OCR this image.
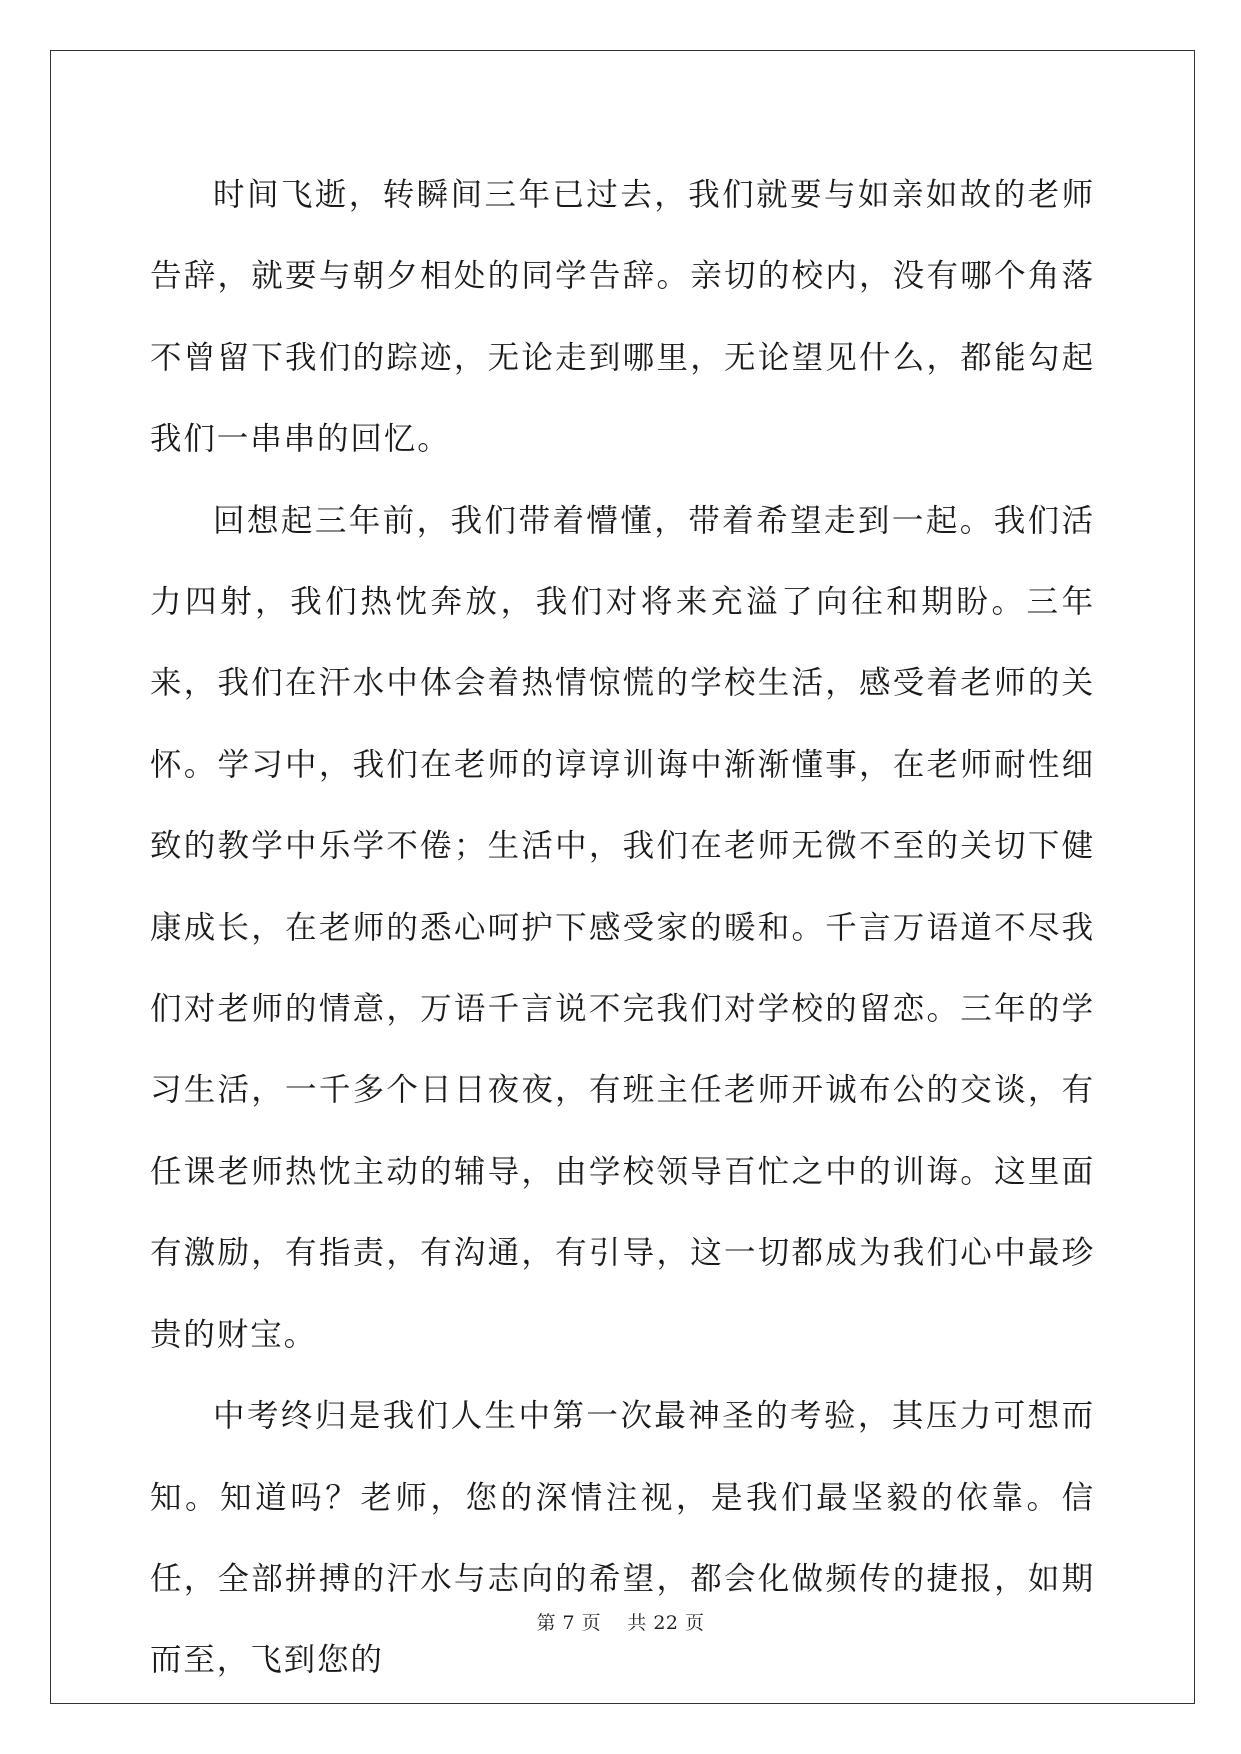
时间飞逝，转瞬间三年已过去，我们就要与如亲如故的老师告辞，就要与朝夕相处的同学告辞。亲切的校内，没有哪个角落不曾留下我们的踪迹，无论走到哪里，无论望见什么，都能勾起我们一串串的回忆。

回想起三年前，我们带着懵懂，带着希望走到一起。我们活力四射，我们热忱奔放，我们对将来充溢了向往和期盼。三年来，我们在汗水中体会着热情惊慌的学校生活，感受着老师的关怀。学习中，我们在老师的谆谆训诲中渐渐懂事，在老师耐性细致的教学中乐学不倦；生活中，我们在老师无微不至的关切下健康成长，在老师的悉心呵护下感受家的暖和。千言万语道不尽我们对老师的情意，万语千言说不完我们对学校的留恋。三年的学习生活，一千多个日日夜夜，有班主任老师开诚布公的交谈，有任课老师热忱主动的辅导，由学校领导百忙之中的训诲。这里面有激励，有指责，有沟通，有引导，这一切都成为我们心中最珍贵的财宝。

中考终归是我们人生中第一次最神圣的考验，其压力可想而知。知道吗？老师，您的深情注视，是我们最坚毅的依靠。信任，全部拼搏的汗水与志向的希望，都会化做频传的捷报，如期而至，飞到您的

第 7 页 共 22 页
